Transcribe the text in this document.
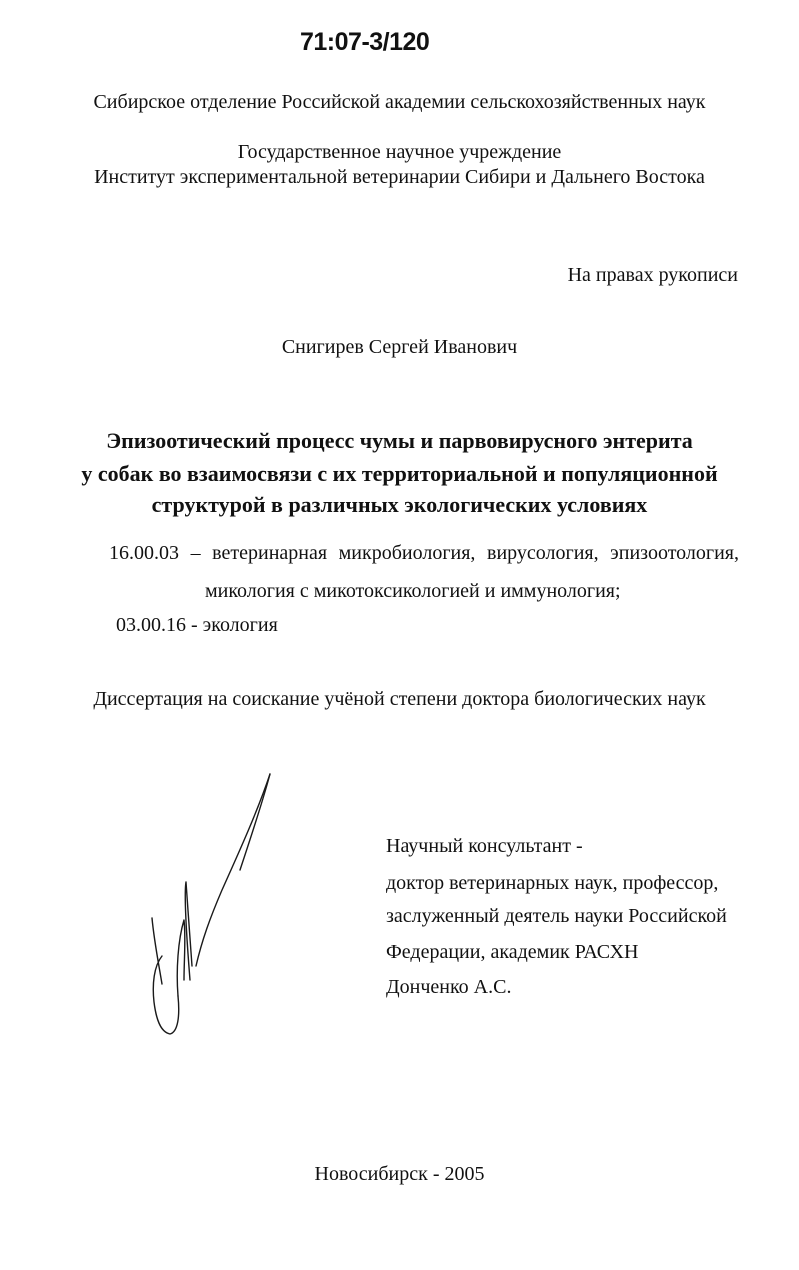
71:07-3/120
Сибирское отделение Российской академии сельскохозяйственных наук
Государственное научное учреждение
Институт экспериментальной ветеринарии Сибири и Дальнего Востока
На правах рукописи
Снигирев Сергей Иванович
Эпизоотический процесс чумы и парвовирусного энтерита
у собак во взаимосвязи с их территориальной и популяционной
структурой в различных экологических условиях
16.00.03 – ветеринарная микробиология, вирусология, эпизоотология,
микология с микотоксикологией и иммунология;
03.00.16 - экология
Диссертация на соискание учёной степени доктора биологических наук
Научный консультант -
доктор ветеринарных наук, профессор,
заслуженный деятель науки Российской
Федерации, академик РАСХН
Донченко А.С.
Новосибирск - 2005
